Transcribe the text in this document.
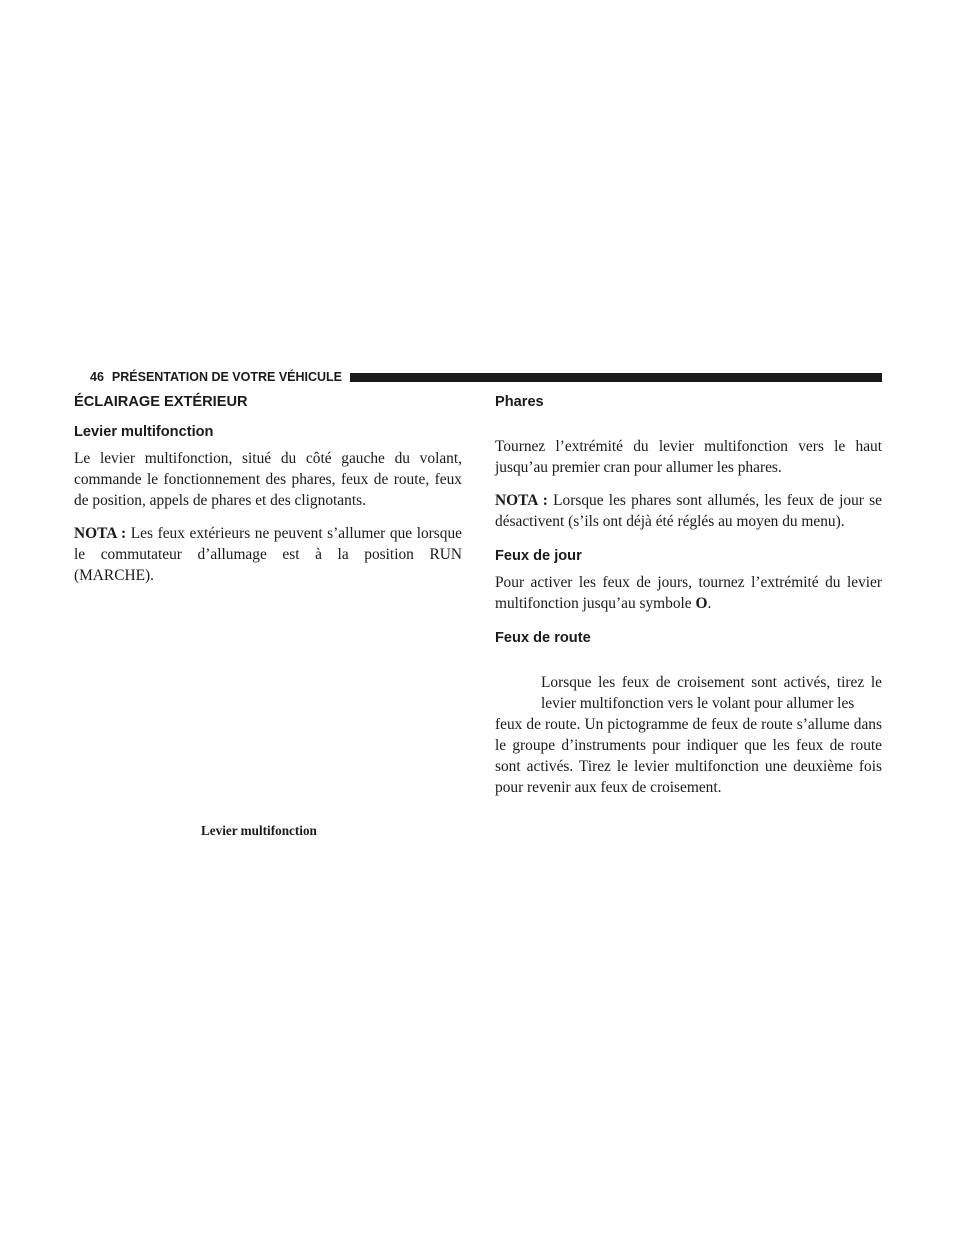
46 PRÉSENTATION DE VOTRE VÉHICULE
ÉCLAIRAGE EXTÉRIEUR
Levier multifonction

Le levier multifonction, situé du côté gauche du volant, commande le fonctionnement des phares, feux de route, feux de position, appels de phares et des clignotants.

NOTA : Les feux extérieurs ne peuvent s’allumer que lorsque le commutateur d’allumage est à la position RUN (MARCHE).

Levier multifonction
Phares

Tournez l’extrémité du levier multifonction vers le haut jusqu’au premier cran pour allumer les phares.

NOTA : Lorsque les phares sont allumés, les feux de jour se désactivent (s’ils ont déjà été réglés au moyen du menu).

Feux de jour

Pour activer les feux de jours, tournez l’extrémité du levier multifonction jusqu’au symbole O.

Feux de route

Lorsque les feux de croisement sont activés, tirez le levier multifonction vers le volant pour allumer les

feux de route. Un pictogramme de feux de route s’allume dans le groupe d’instruments pour indiquer que les feux de route sont activés. Tirez le levier multifonction une deuxième fois pour revenir aux feux de croisement.
